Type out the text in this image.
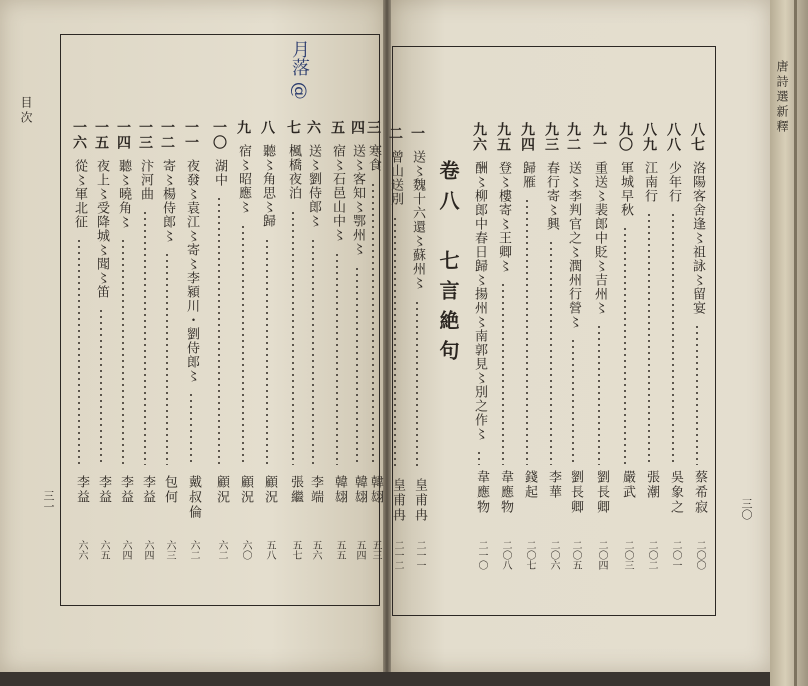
目次
三一
月落 @	唐詩選新釋
三〇
卷八　七言絶句
一六 從〻軍北征
李益
六六
一五 夜上〻受降城〻聞〻笛
李益
六五
一四 聽〻曉角〻
李益
六四
一三 汴河曲
李益
六四
一二 寄〻楊侍郎〻
包何
六三
一一 夜發〻袁江〻寄〻李潁川・劉侍郎〻
戴叔倫
六二
一〇 湖中
顧況
六二
九 宿〻昭應〻
顧況
六〇
八 聽〻角思〻歸
顧況
五八
七 楓橋夜泊
張繼
五七
六 送〻劉侍郎〻
李端
五六
五 宿〻石邑山中〻
韓翃
五五
四 送〻客知〻鄂州〻
韓翃
五四
三 寒食
韓翃
五三
八七 洛陽客舍逢〻祖詠〻留宴
蔡希寂
二〇〇
八八 少年行
吳象之
二〇一
八九 江南行
張潮
二〇二
九〇 軍城早秋
嚴武
二〇三
九一 重送〻裴郎中貶〻吉州〻
劉長卿
二〇四
九二 送〻李判官之〻潤州行營〻
劉長卿
二〇五
九三 春行寄〻興
李華
二〇六
九四 歸雁
錢起
二〇七
九五 登〻樓寄〻王卿〻
韋應物
二〇八
九六 酬〻柳郎中春日歸〻揚州〻南郭見〻別之作〻
韋應物
二一〇
一 送〻魏十六還〻蘇州〻
皇甫冉
二一一
二 曾山送別
皇甫冉
二一二
